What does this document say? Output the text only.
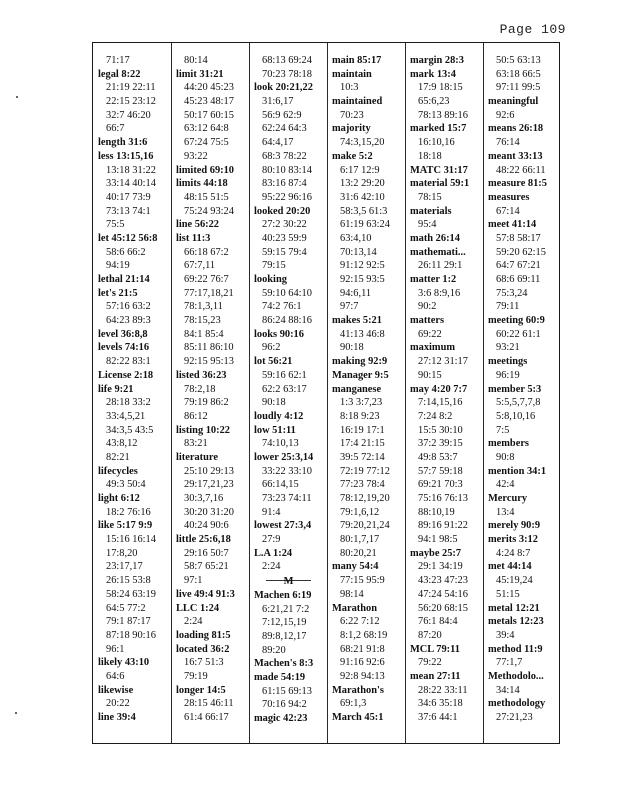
Page 109
71:17
legal 8:22
21:19 22:11
22:15 23:12
32:7 46:20
66:7
length 31:6
less 13:15,16
13:18 31:22
33:14 40:14
40:17 73:9
73:13 74:1
75:5
let 45:12 56:8
58:6 66:2
94:19
lethal 21:14
let's 21:5
57:16 63:2
64:23 89:3
level 36:8,8
levels 74:16
82:22 83:1
License 2:18
life 9:21
28:18 33:2
33:4,5,21
34:3,5 43:5
43:8,12
82:21
lifecycles
49:3 50:4
light 6:12
18:2 76:16
like 5:17 9:9
15:16 16:14
17:8,20
23:17,17
26:15 53:8
58:24 63:19
64:5 77:2
79:1 87:17
87:18 90:16
96:1
likely 43:10
64:6
likewise
20:22
line 39:4
80:14
limit 31:21
44:20 45:23
45:23 48:17
50:17 60:15
63:12 64:8
67:24 75:5
93:22
limited 69:10
limits 44:18
48:15 51:5
75:24 93:24
line 56:22
list 11:3
66:18 67:2
67:7,11
69:22 76:7
77:17,18,21
78:1,3,11
78:15,23
84:1 85:4
85:11 86:10
92:15 95:13
listed 36:23
78:2,18
79:19 86:2
86:12
listing 10:22
83:21
literature
25:10 29:13
29:17,21,23
30:3,7,16
30:20 31:20
40:24 90:6
little 25:6,18
29:16 50:7
58:7 65:21
97:1
live 49:4 91:3
LLC 1:24
2:24
loading 81:5
located 36:2
16:7 51:3
79:19
longer 14:5
28:15 46:11
61:4 66:17
68:13 69:24
70:23 78:18
look 20:21,22
31:6,17
56:9 62:9
62:24 64:3
64:4,17
68:3 78:22
80:10 83:14
83:16 87:4
95:22 96:16
looked 20:20
27:2 30:22
40:23 59:9
59:15 79:4
79:15
looking
59:10 64:10
74:2 76:1
86:24 88:16
looks 90:16
96:2
lot 56:21
59:16 62:1
62:2 63:17
90:18
loudly 4:12
low 51:11
74:10,13
lower 25:3,14
33:22 33:10
66:14,15
73:23 74:11
91:4
lowest 27:3,4
27:9
L.A 1:24
2:24
M
Machen 6:19
6:21,21 7:2
7:12,15,19
89:8,12,17
89:20
Machen's 8:3
made 54:19
61:15 69:13
70:16 94:2
magic 42:23
main 85:17
maintain
10:3
maintained
70:23
majority
74:3,15,20
make 5:2
6:17 12:9
13:2 29:20
31:6 42:10
58:3,5 61:3
61:19 63:24
63:4,10
70:13,14
91:12 92:5
92:15 93:5
94:6,11
97:7
makes 5:21
41:13 46:8
90:18
making 92:9
Manager 9:5
manganese
1:3 3:7,23
8:18 9:23
16:19 17:1
17:4 21:15
39:5 72:14
72:19 77:12
77:23 78:4
78:12,19,20
79:1,6,12
79:20,21,24
80:1,7,17
80:20,21
many 54:4
77:15 95:9
98:14
Marathon
6:22 7:12
8:1,2 68:19
68:21 91:8
91:16 92:6
92:8 94:13
Marathon's
69:1,3
March 45:1
margin 28:3
mark 13:4
17:9 18:15
65:6,23
78:13 89:16
marked 15:7
16:10,16
18:18
MATC 31:17
material 59:1
78:15
materials
95:4
math 26:14
mathemati...
26:11 29:1
matter 1:2
3:6 8:9,16
90:2
matters
69:22
maximum
27:12 31:17
90:15
may 4:20 7:7
7:14,15,16
7:24 8:2
15:5 30:10
37:2 39:15
49:8 53:7
57:7 59:18
69:21 70:3
75:16 76:13
88:10,19
89:16 91:22
94:1 98:5
maybe 25:7
29:1 34:19
43:23 47:23
47:24 54:16
56:20 68:15
76:1 84:4
87:20
MCL 79:11
79:22
mean 27:11
28:22 33:11
34:6 35:18
37:6 44:1
50:5 63:13
63:18 66:5
97:11 99:5
meaningful
92:6
means 26:18
76:14
meant 33:13
48:22 66:11
measure 81:5
measures
67:14
meet 41:14
57:8 58:17
59:20 62:15
64:7 67:21
68:6 69:11
75:3,24
79:11
meeting 60:9
60:22 61:1
93:21
meetings
96:19
member 5:3
5:5,5,7,7,8
5:8,10,16
7:5
members
90:8
mention 34:1
42:4
Mercury
13:4
merely 90:9
merits 3:12
4:24 8:7
met 44:14
45:19,24
51:15
metal 12:21
metals 12:23
39:4
method 11:9
77:1,7
Methodolo...
34:14
methodology
27:21,23
